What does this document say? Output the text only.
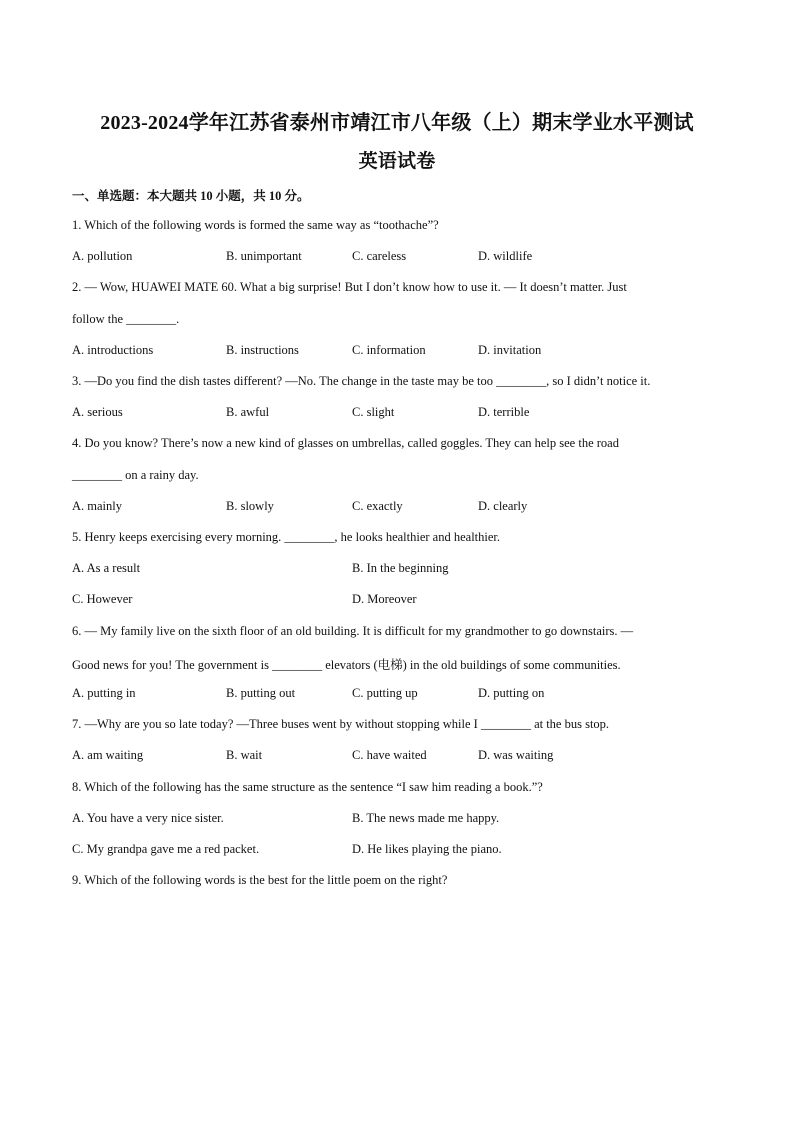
2023-2024学年江苏省泰州市靖江市八年级（上）期末学业水平测试
英语试卷
一、单选题：本大题共 10 小题，共 10 分。
1. Which of the following words is formed the same way as “toothache”?
A. pollution	B. unimportant	C. careless	D. wildlife
2. — Wow, HUAWEI MATE 60. What a big surprise! But I don’t know how to use it. — It doesn’t matter. Just
follow the ________.
A. introductions	B. instructions	C. information	D. invitation
3. —Do you find the dish tastes different? —No. The change in the taste may be too ________, so I didn’t notice it.
A. serious	B. awful	C. slight	D. terrible
4. Do you know? There’s now a new kind of glasses on umbrellas, called goggles. They can help see the road
________ on a rainy day.
A. mainly	B. slowly	C. exactly	D. clearly
5. Henry keeps exercising every morning. ________, he looks healthier and healthier.
A. As a result	B. In the beginning
C. However	D. Moreover
6. — My family live on the sixth floor of an old building. It is difficult for my grandmother to go downstairs. —
Good news for you! The government is ________ elevators (电梯) in the old buildings of some communities.
A. putting in	B. putting out	C. putting up	D. putting on
7. —Why are you so late today? —Three buses went by without stopping while I ________ at the bus stop.
A. am waiting	B. wait	C. have waited	D. was waiting
8. Which of the following has the same structure as the sentence “I saw him reading a book.”?
A. You have a very nice sister.	B. The news made me happy.
C. My grandpa gave me a red packet.	D. He likes playing the piano.
9. Which of the following words is the best for the little poem on the right?
